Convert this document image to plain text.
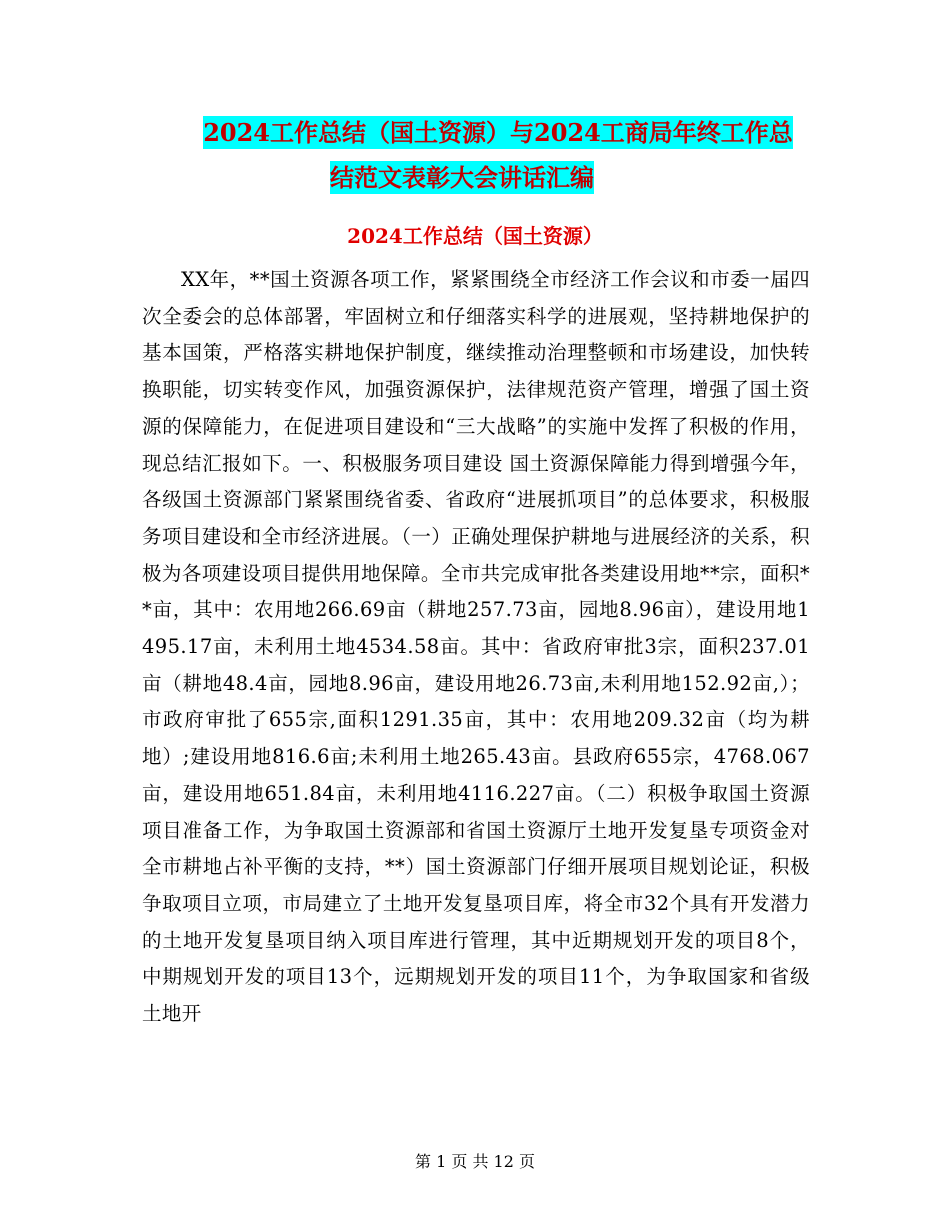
2024工作总结（国土资源）与2024工商局年终工作总
结范文表彰大会讲话汇编
2024工作总结（国土资源）

XX年，**国土资源各项工作，紧紧围绕全市经济工作会议和市委一届四次全委会的总体部署，牢固树立和仔细落实科学的进展观，坚持耕地保护的基本国策，严格落实耕地保护制度，继续推动治理整顿和市场建设，加快转换职能，切实转变作风，加强资源保护，法律规范资产管理，增强了国土资源的保障能力，在促进项目建设和“三大战略”的实施中发挥了积极的作用，现总结汇报如下。一、积极服务项目建设 国土资源保障能力得到增强今年，各级国土资源部门紧紧围绕省委、省政府“进展抓项目”的总体要求，积极服务项目建设和全市经济进展。（一）正确处理保护耕地与进展经济的关系，积极为各项建设项目提供用地保障。全市共完成审批各类建设用地**宗，面积**亩，其中：农用地266.69亩（耕地257.73亩，园地8.96亩），建设用地1495.17亩，未利用土地4534.58亩。其中：省政府审批3宗，面积237.01亩（耕地48.4亩，园地8.96亩，建设用地26.73亩,未利用地152.92亩,）；市政府审批了655宗,面积1291.35亩，其中：农用地209.32亩（均为耕地）;建设用地816.6亩;未利用土地265.43亩。县政府655宗，4768.067亩，建设用地651.84亩，未利用地4116.227亩。（二）积极争取国土资源项目准备工作，为争取国土资源部和省国土资源厅土地开发复垦专项资金对全市耕地占补平衡的支持，**）国土资源部门仔细开展项目规划论证，积极争取项目立项，市局建立了土地开发复垦项目库，将全市32个具有开发潜力的土地开发复垦项目纳入项目库进行管理，其中近期规划开发的项目8个，中期规划开发的项目13个，远期规划开发的项目11个，为争取国家和省级土地开

第 1 页 共 12 页
